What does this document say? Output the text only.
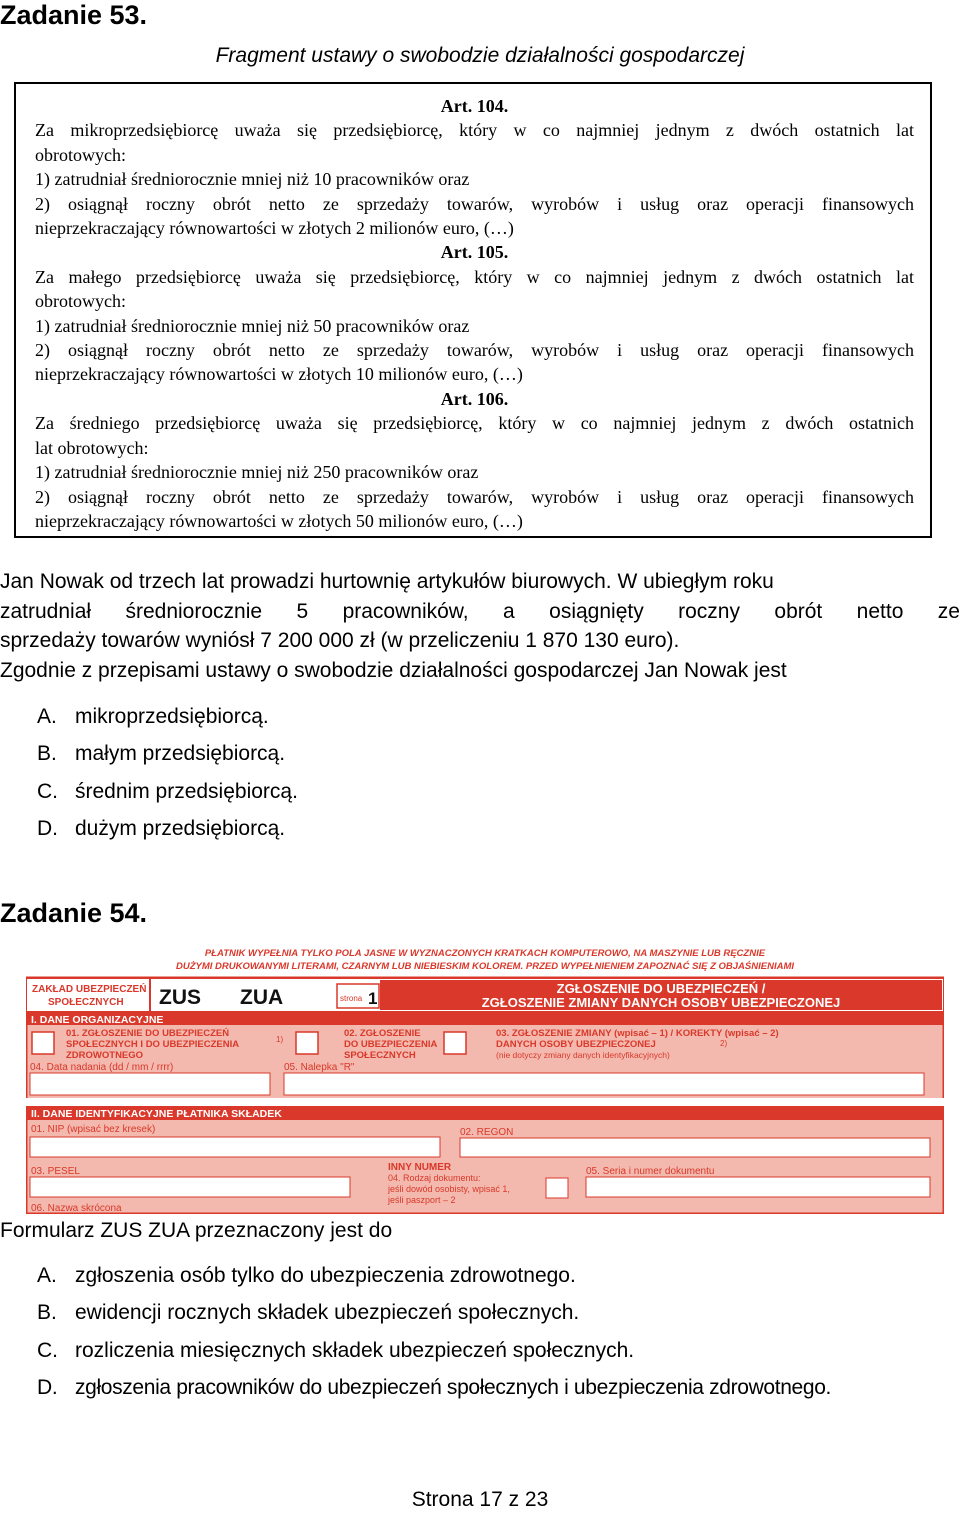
Zadanie 53.
Fragment ustawy o swobodzie działalności gospodarczej

Art. 104.

Za mikroprzedsiębiorcę uważa się przedsiębiorcę, który w co najmniej jednym z dwóch ostatnich lat

obrotowych:

1) zatrudniał średniorocznie mniej niż 10 pracowników oraz

2) osiągnął roczny obrót netto ze sprzedaży towarów, wyrobów i usług oraz operacji finansowych

nieprzekraczający równowartości w złotych 2 milionów euro, (…)

Art. 105.

Za małego przedsiębiorcę uważa się przedsiębiorcę, który w co najmniej jednym z dwóch ostatnich lat

obrotowych:

1) zatrudniał średniorocznie mniej niż 50 pracowników oraz

2) osiągnął roczny obrót netto ze sprzedaży towarów, wyrobów i usług oraz operacji finansowych

nieprzekraczający równowartości w złotych 10 milionów euro, (…)

Art. 106.

Za średniego przedsiębiorcę uważa się przedsiębiorcę, który w co najmniej jednym z dwóch ostatnich

lat obrotowych:

1) zatrudniał średniorocznie mniej niż 250 pracowników oraz

2) osiągnął roczny obrót netto ze sprzedaży towarów, wyrobów i usług oraz operacji finansowych

nieprzekraczający równowartości w złotych 50 milionów euro, (…)

Jan Nowak od trzech lat prowadzi hurtownię artykułów biurowych. W ubiegłym roku

zatrudniał średniorocznie 5 pracowników, a osiągnięty roczny obrót netto ze

sprzedaży towarów wyniósł 7 200 000 zł (w przeliczeniu 1 870 130 euro).

Zgodnie z przepisami ustawy o swobodzie działalności gospodarczej Jan Nowak jest

A. mikroprzedsiębiorcą.
B. małym przedsiębiorcą.
C. średnim przedsiębiorcą.
D. dużym przedsiębiorcą.
Zadanie 54.
PŁATNIK WYPEŁNIA TYLKO POLA JASNE W WYZNACZONYCH KRATKACH KOMPUTEROWO, NA MASZYNIE LUB RĘCZNIE
DUŻYMI DRUKOWANYMI LITERAMI, CZARNYM LUB NIEBIESKIM KOLOREM. PRZED WYPEŁNIENIEM ZAPOZNAĆ SIĘ Z OBJAŚNIENIAMI
ZAKŁAD UBEZPIECZEŃ
SPOŁECZNYCH ZUS ZUA	strona 1
ZGŁOSZENIE DO UBEZPIECZEŃ /
ZGŁOSZENIE ZMIANY DANYCH OSOBY UBEZPIECZONEJ
I. DANE ORGANIZACYJNE
01. ZGŁOSZENIE DO UBEZPIECZEŃ
SPOŁECZNYCH I DO UBEZPIECZENIA
ZDROWOTNEGO
1)
02. ZGŁOSZENIE
DO UBEZPIECZENIA
SPOŁECZNYCH
03. ZGŁOSZENIE ZMIANY (wpisać – 1) / KOREKTY (wpisać – 2)
DANYCH OSOBY UBEZPIECZONEJ
(nie dotyczy zmiany danych identyfikacyjnych)
2)
04. Data nadania (dd / mm / rrrr)	05. Nalepka "R"
II. DANE IDENTYFIKACYJNE PŁATNIKA SKŁADEK
01. NIP (wpisać bez kresek)	02. REGON
03. PESEL	INNY NUMER
04. Rodzaj dokumentu:
jeśli dowód osobisty, wpisać 1,
jeśli paszport – 2
05. Seria i numer dokumentu
06. Nazwa skrócona

Formularz ZUS ZUA przeznaczony jest do

A. zgłoszenia osób tylko do ubezpieczenia zdrowotnego.
B. ewidencji rocznych składek ubezpieczeń społecznych.
C. rozliczenia miesięcznych składek ubezpieczeń społecznych.
D. zgłoszenia pracowników do ubezpieczeń społecznych i ubezpieczenia zdrowotnego.
Strona 17 z 23
